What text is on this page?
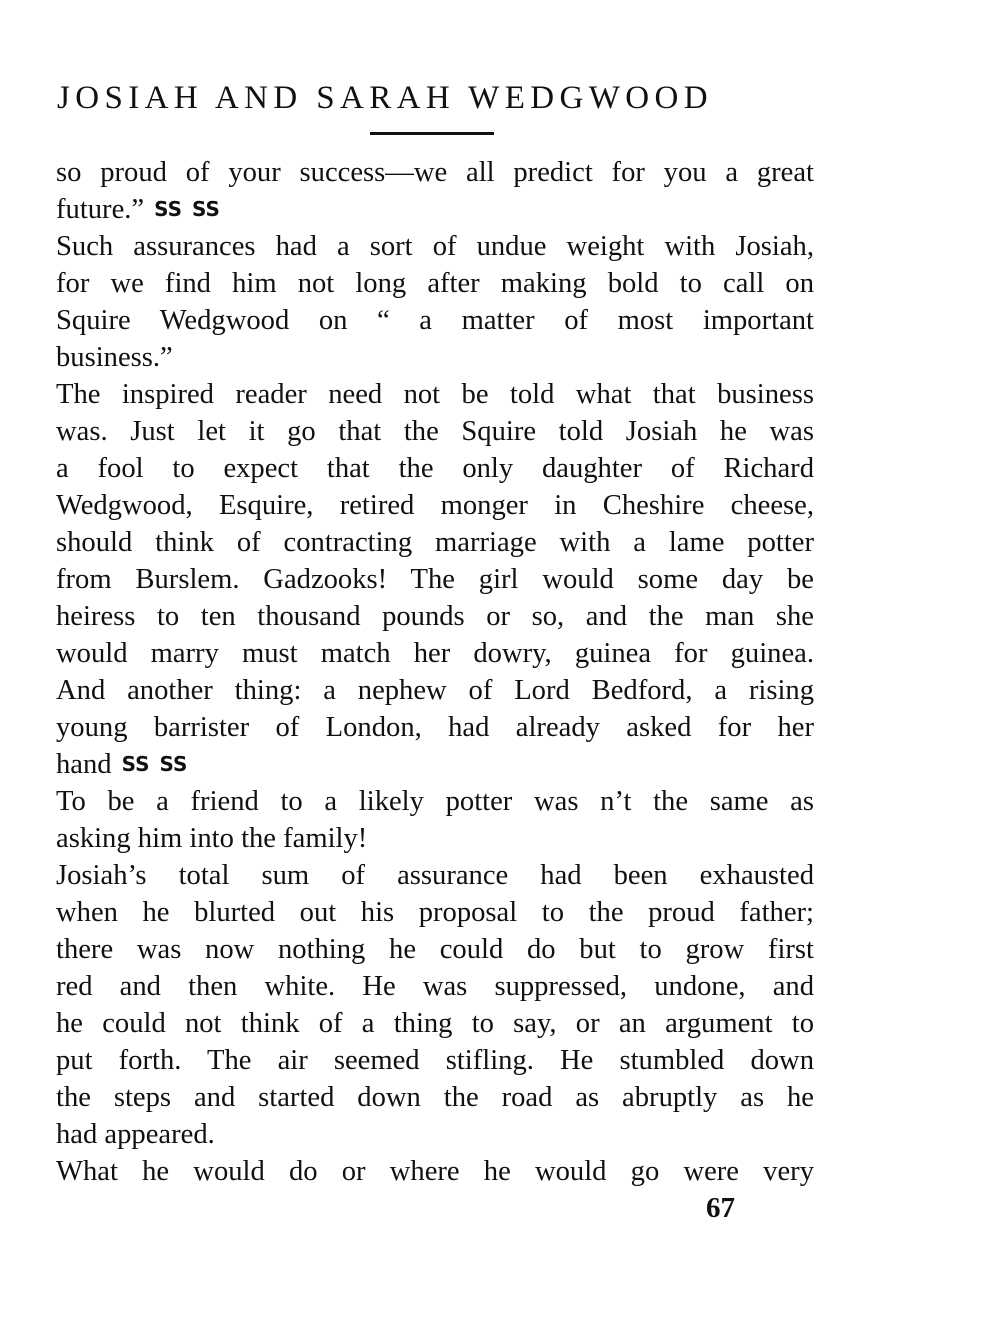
JOSIAH AND SARAH WEDGWOOD
so proud of your success—we all predict for you a great
future.” SS SS
Such assurances had a sort of undue weight with Josiah,
for we find him not long after making bold to call on
Squire Wedgwood on “ a matter of most important
business.”
The inspired reader need not be told what that business
was. Just let it go that the Squire told Josiah he was
a fool to expect that the only daughter of Richard
Wedgwood, Esquire, retired monger in Cheshire cheese,
should think of contracting marriage with a lame potter
from Burslem. Gadzooks! The girl would some day be
heiress to ten thousand pounds or so, and the man she
would marry must match her dowry, guinea for guinea.
And another thing: a nephew of Lord Bedford, a rising
young barrister of London, had already asked for her
hand SS SS
To be a friend to a likely potter was n’t the same as
asking him into the family!
Josiah’s total sum of assurance had been exhausted
when he blurted out his proposal to the proud father;
there was now nothing he could do but to grow first
red and then white. He was suppressed, undone, and
he could not think of a thing to say, or an argument to
put forth. The air seemed stifling. He stumbled down
the steps and started down the road as abruptly as he
had appeared.
What he would do or where he would go were very
67
